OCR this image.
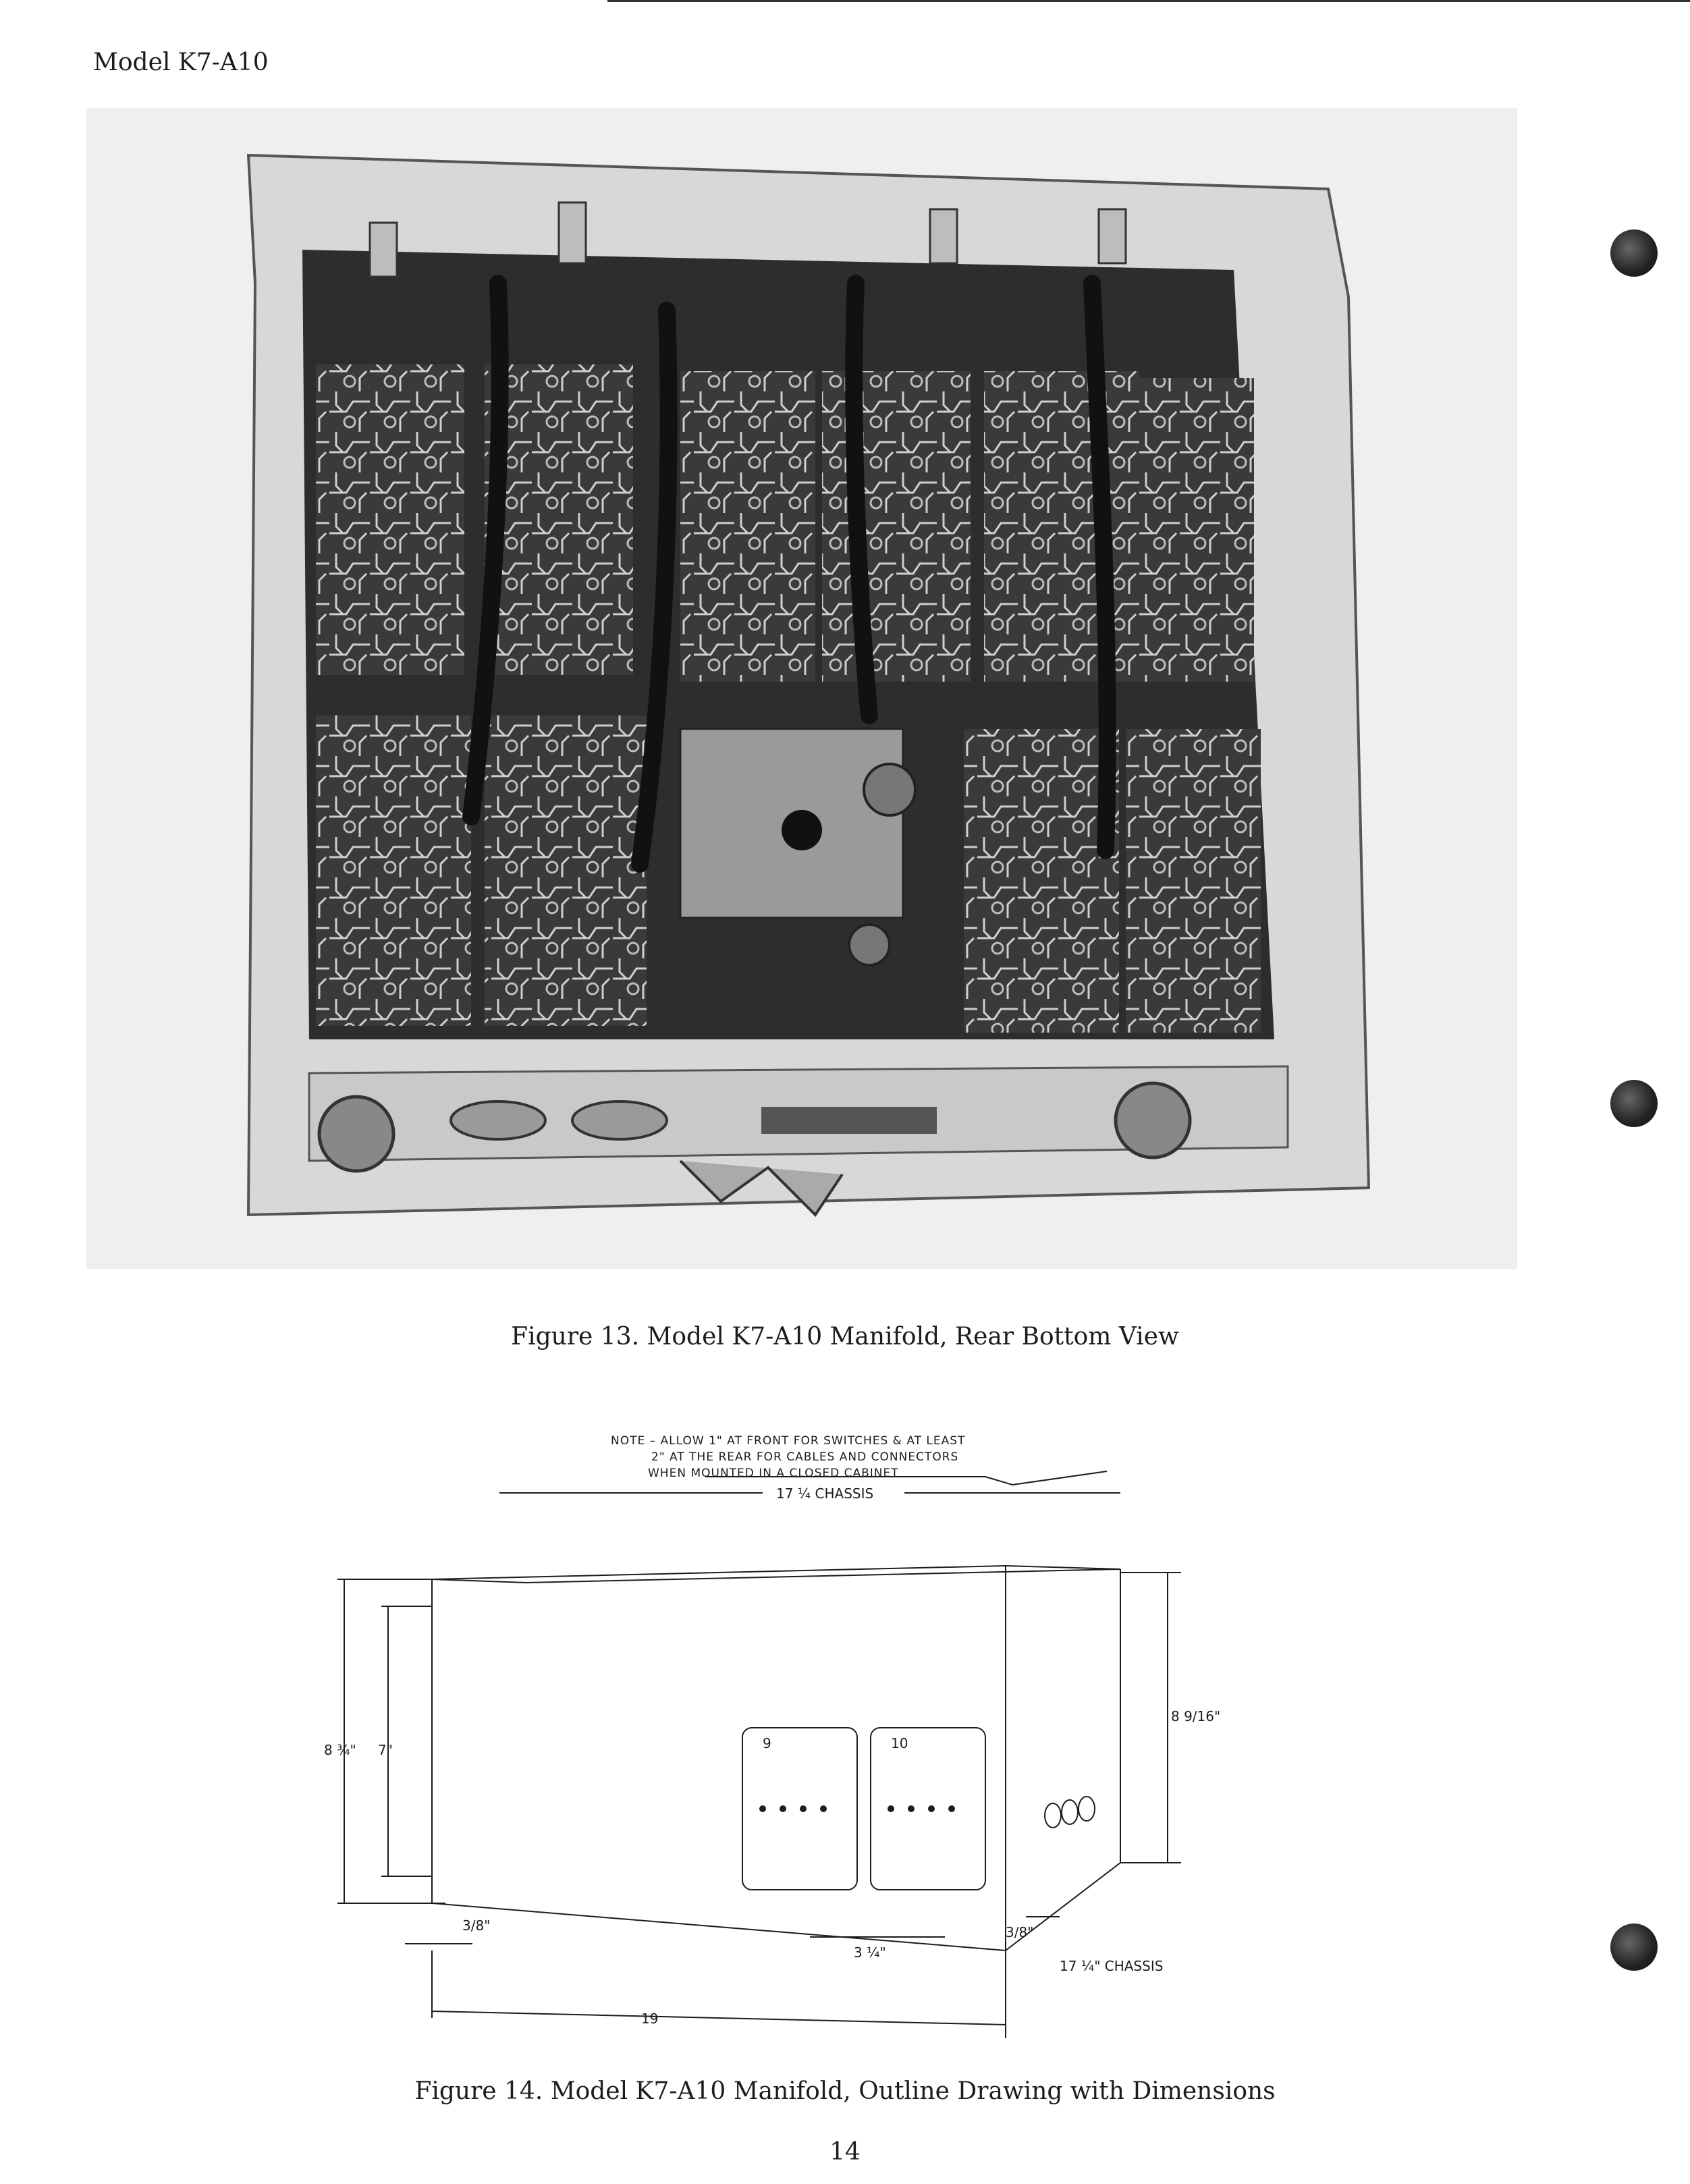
Model K7-A10
Figure 13. Model K7-A10 Manifold, Rear Bottom View
NOTE – ALLOW 1" AT FRONT FOR SWITCHES & AT LEAST
2" AT THE REAR FOR CABLES AND CONNECTORS
WHEN MOUNTED IN A CLOSED CABINET
17 ¼ CHASSIS
8 ¾" 7"
8 9/16"
3/8"
19
3 ¼"
3/8"
17 ¼" CHASSIS
9	10
Figure 14. Model K7-A10 Manifold, Outline Drawing with Dimensions
14
